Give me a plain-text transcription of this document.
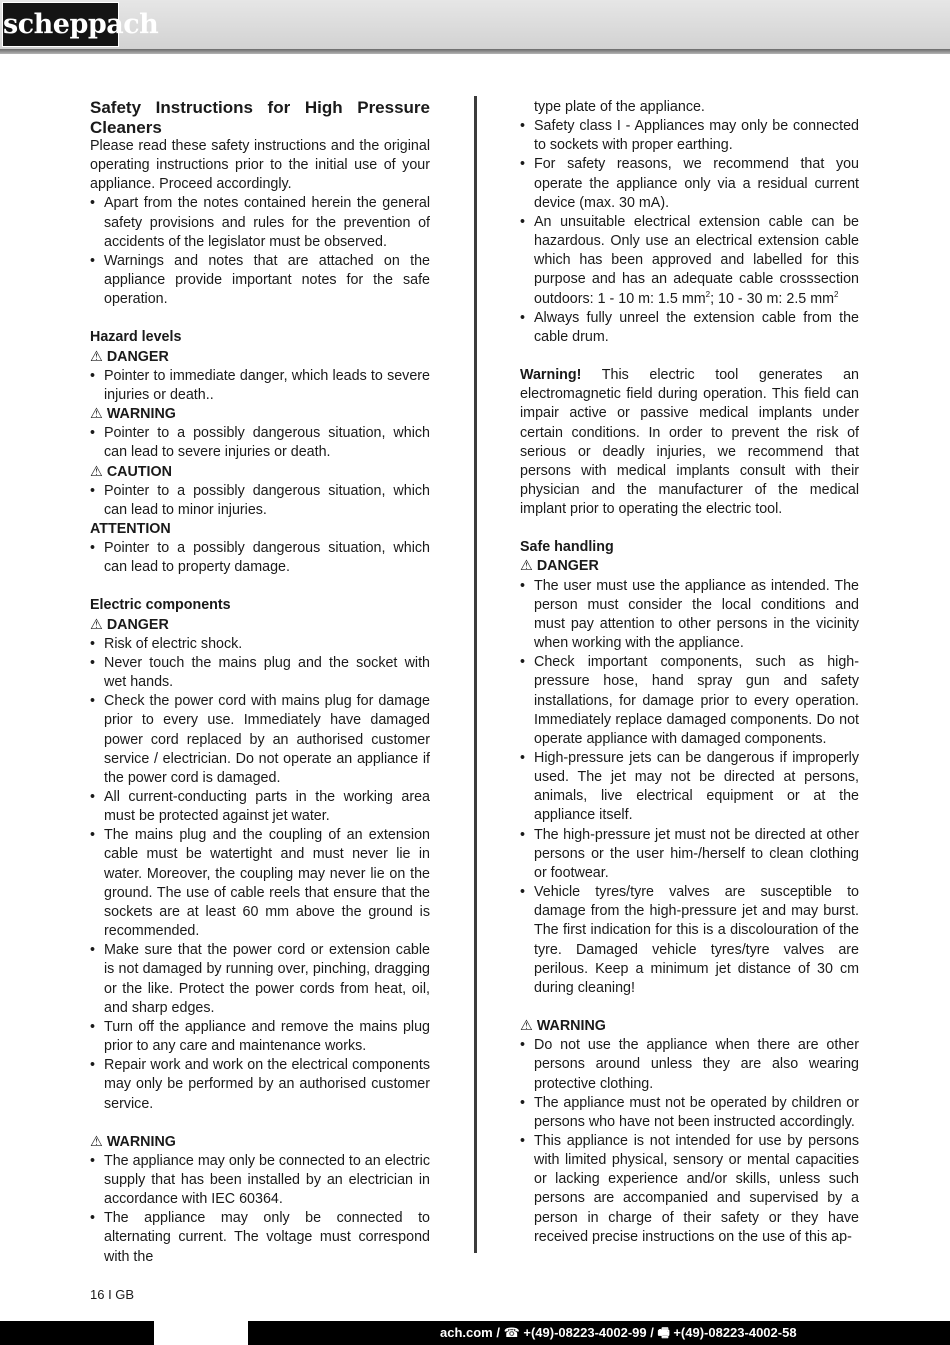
scheppach
Safety Instructions for High Pressure Cleaners

Please read these safety instructions and the original operating instructions prior to the initial use of your appliance. Proceed accordingly.

• Apart from the notes contained herein the general safety provisions and rules for the prevention of accidents of the legislator must be observed.
• Warnings and notes that are attached on the appliance provide important notes for the safe operation.

Hazard levels

⚠ DANGER

• Pointer to immediate danger, which leads to severe injuries or death..

⚠ WARNING

• Pointer to a possibly dangerous situation, which can lead to severe injuries or death.

⚠ CAUTION

• Pointer to a possibly dangerous situation, which can lead to minor injuries.

ATTENTION

• Pointer to a possibly dangerous situation, which can lead to property damage.

Electric components

⚠ DANGER

• Risk of electric shock.
• Never touch the mains plug and the socket with wet hands.
• Check the power cord with mains plug for damage prior to every use. Immediately have damaged power cord replaced by an authorised customer service / electrician. Do not operate an appliance if the power cord is damaged.
• All current-conducting parts in the working area must be protected against jet water.
• The mains plug and the coupling of an extension cable must be watertight and must never lie in water. Moreover, the coupling may never lie on the ground. The use of cable reels that ensure that the sockets are at least 60 mm above the ground is recommended.
• Make sure that the power cord or extension cable is not damaged by running over, pinching, dragging or the like. Protect the power cords from heat, oil, and sharp edges.
• Turn off the appliance and remove the mains plug prior to any care and maintenance works.
• Repair work and work on the electrical components may only be performed by an authorised customer service.

⚠ WARNING

• The appliance may only be connected to an electric supply that has been installed by an electrician in accordance with IEC 60364.
• The appliance may only be connected to alternating current. The voltage must correspond with the
type plate of the appliance.
• Safety class I - Appliances may only be connected to sockets with proper earthing.
• For safety reasons, we recommend that you operate the appliance only via a residual current device (max. 30 mA).
• An unsuitable electrical extension cable can be hazardous. Only use an electrical extension cable which has been approved and labelled for this purpose and has an adequate cable crosssection outdoors: 1 - 10 m: 1.5 $mm^2$; 10 - 30 m: 2.5 $mm^2$
• Always fully unreel the extension cable from the cable drum.

Warning! This electric tool generates an electromagnetic field during operation. This field can impair active or passive medical implants under certain conditions. In order to prevent the risk of serious or deadly injuries, we recommend that persons with medical implants consult with their physician and the manufacturer of the medical implant prior to operating the electric tool.

Safe handling

⚠ DANGER

• The user must use the appliance as intended. The person must consider the local conditions and must pay attention to other persons in the vicinity when working with the appliance.
• Check important components, such as high-pressure hose, hand spray gun and safety installations, for damage prior to every operation. Immediately replace damaged components. Do not operate appliance with damaged components.
• High-pressure jets can be dangerous if improperly used. The jet may not be directed at persons, animals, live electrical equipment or at the appliance itself.
• The high-pressure jet must not be directed at other persons or the user him-/herself to clean clothing or footwear.
• Vehicle tyres/tyre valves are susceptible to damage from the high-pressure jet and may burst. The first indication for this is a discolouration of the tyre. Damaged vehicle tyres/tyre valves are perilous. Keep a minimum jet distance of 30 cm during cleaning!

⚠ WARNING

• Do not use the appliance when there are other persons around unless they are also wearing protective clothing.
• The appliance must not be operated by children or persons who have not been instructed accordingly.
• This appliance is not intended for use by persons with limited physical, sensory or mental capacities or lacking experience and/or skills, unless such persons are accompanied and supervised by a person in charge of their safety or they have received precise instructions on the use of this ap-
16 I GB
ach.com / ☎ +(49)-08223-4002-99 / 🖷 +(49)-08223-4002-58
